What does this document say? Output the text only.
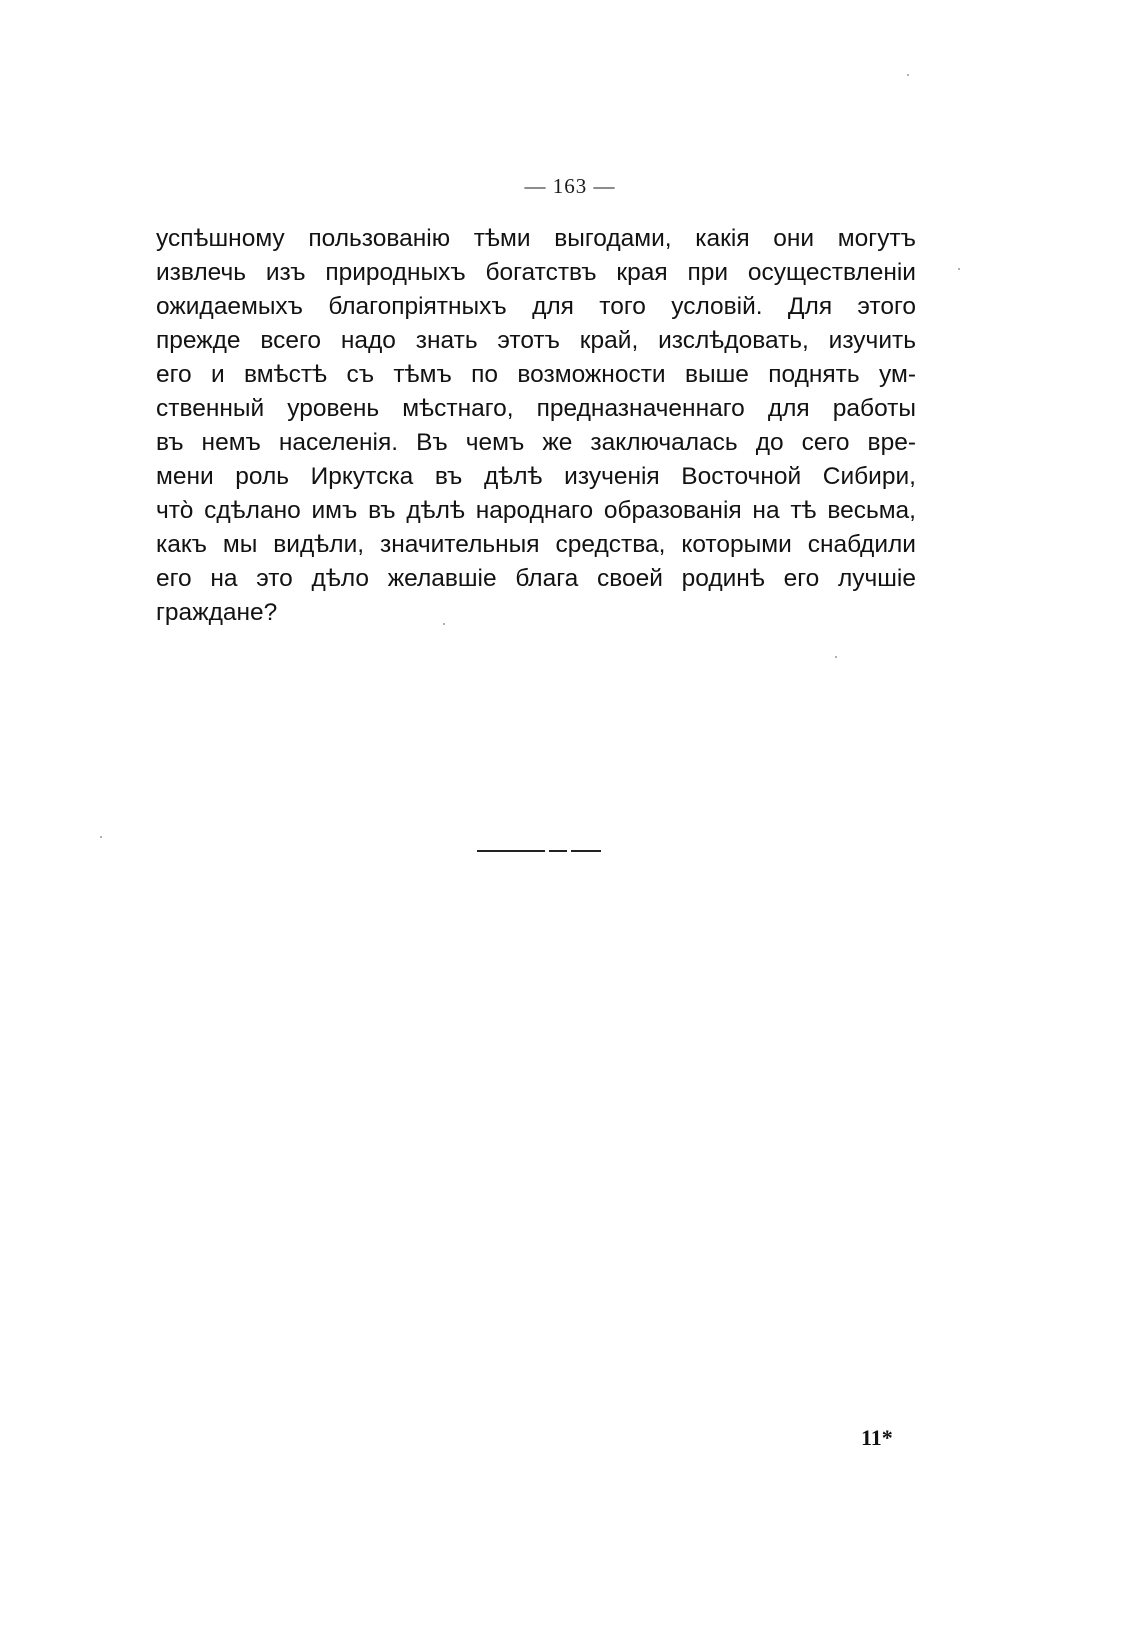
— 163 —
успѣшному пользованію тѣми выгодами, какія они могутъ
извлечь изъ природныхъ богатствъ края при осуществленіи
ожидаемыхъ благопріятныхъ для того условій. Для этого
прежде всего надо знать этотъ край, изслѣдовать, изучить
его и вмѣстѣ съ тѣмъ по возможности выше поднять ум-
ственный уровень мѣстнаго, предназначеннаго для работы
въ немъ населенія. Въ чемъ же заключалась до сего вре-
мени роль Иркутска въ дѣлѣ изученія Восточной Сибири,
что̀ сдѣлано имъ въ дѣлѣ народнаго образованія на тѣ весьма,
какъ мы видѣли, значительныя средства, которыми снабдили
его на это дѣло желавшіе блага своей родинѣ его лучшіе
граждане?
11*
